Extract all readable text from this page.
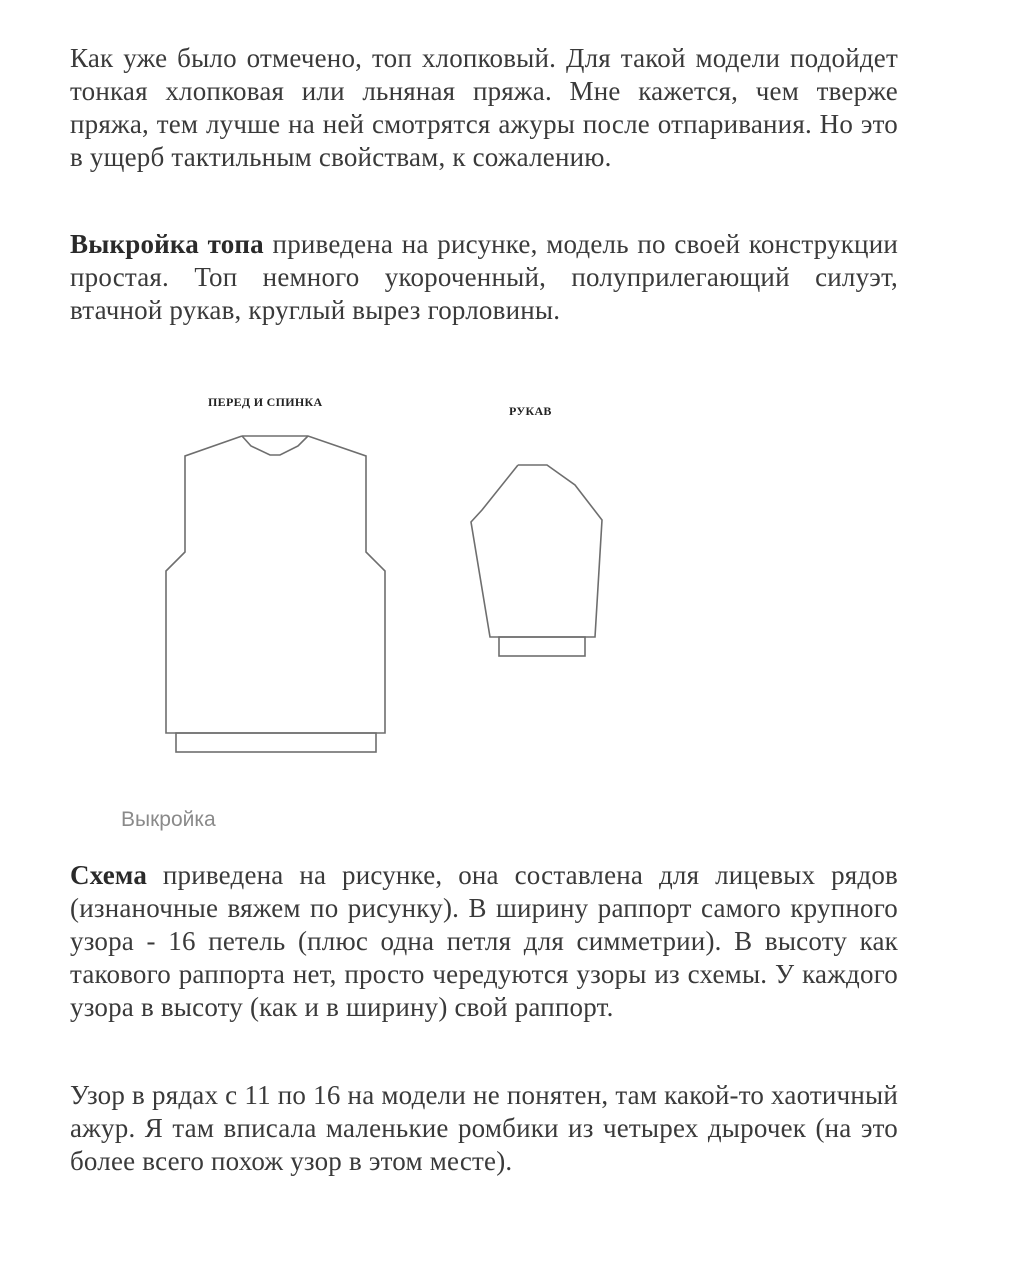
Как уже было отмечено, топ хлопковый. Для такой модели подойдет тонкая хлопковая или льняная пряжа. Мне кажется, чем тверже пряжа, тем лучше на ней смотрятся ажуры после отпаривания. Но это в ущерб тактильным свойствам, к сожалению.
Выкройка топа приведена на рисунке, модель по своей конструкции простая. Топ немного укороченный, полуприлегающий силуэт, втачной рукав, круглый вырез горловины.
ПЕРЕД И СПИНКА
РУКАВ
Выкройка
Схема приведена на рисунке, она составлена для лицевых рядов (изнаночные вяжем по рисунку). В ширину раппорт самого крупного узора - 16 петель (плюс одна петля для симметрии). В высоту как такового раппорта нет, просто чередуются узоры из схемы. У каждого узора в высоту (как и в ширину) свой раппорт.
Узор в рядах с 11 по 16 на модели не понятен, там какой-то хаотичный ажур. Я там вписала маленькие ромбики из четырех дырочек (на это более всего похож узор в этом месте).
